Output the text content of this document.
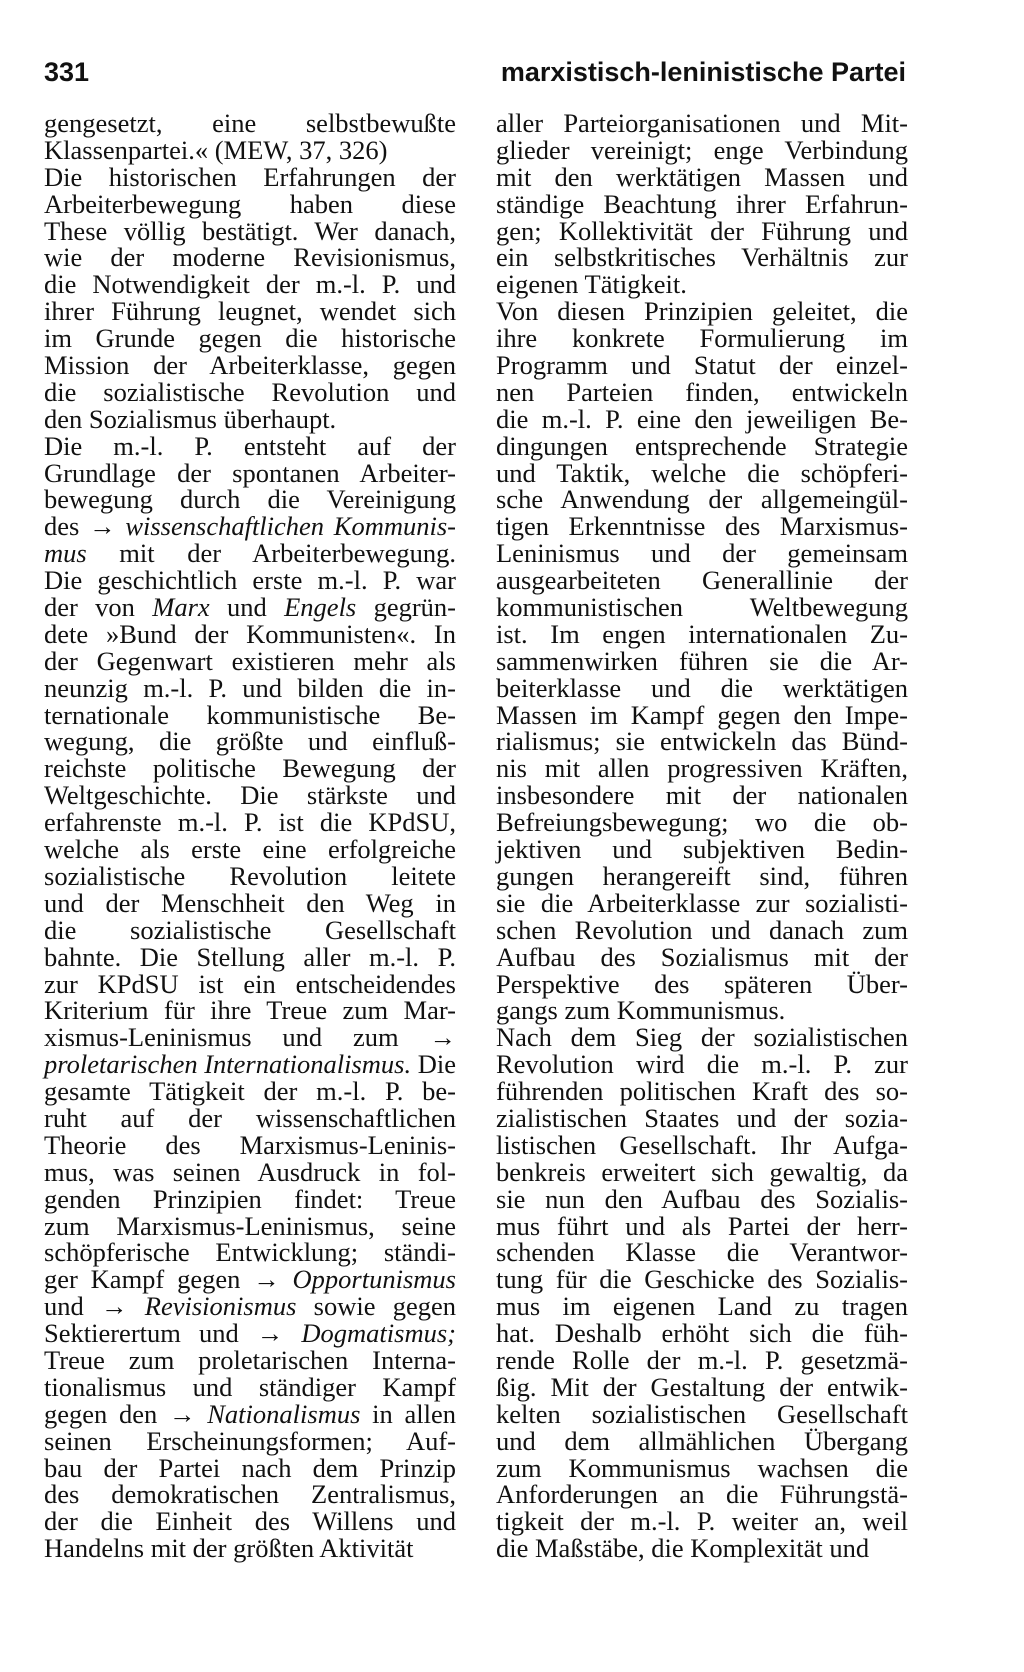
331	marxistisch-leninistische Partei
gengesetzt, eine selbstbewußte
Klassenpartei.« (MEW, 37, 326)
Die historischen Erfahrungen der
Arbeiterbewegung haben diese
These völlig bestätigt. Wer danach,
wie der moderne Revisionismus,
die Notwendigkeit der m.-l. P. und
ihrer Führung leugnet, wendet sich
im Grunde gegen die historische
Mission der Arbeiterklasse, gegen
die sozialistische Revolution und
den Sozialismus überhaupt.
Die m.-l. P. entsteht auf der
Grundlage der spontanen Arbeiter-
bewegung durch die Vereinigung
des → wissenschaftlichen Kommunis-
mus mit der Arbeiterbewegung.
Die geschichtlich erste m.-l. P. war
der von Marx und Engels gegrün-
dete »Bund der Kommunisten«. In
der Gegenwart existieren mehr als
neunzig m.-l. P. und bilden die in-
ternationale kommunistische Be-
wegung, die größte und einfluß-
reichste politische Bewegung der
Weltgeschichte. Die stärkste und
erfahrenste m.-l. P. ist die KPdSU,
welche als erste eine erfolgreiche
sozialistische Revolution leitete
und der Menschheit den Weg in
die sozialistische Gesellschaft
bahnte. Die Stellung aller m.-l. P.
zur KPdSU ist ein entscheidendes
Kriterium für ihre Treue zum Mar-
xismus-Leninismus und zum →
proletarischen Internationalismus. Die
gesamte Tätigkeit der m.-l. P. be-
ruht auf der wissenschaftlichen
Theorie des Marxismus-Leninis-
mus, was seinen Ausdruck in fol-
genden Prinzipien findet: Treue
zum Marxismus-Leninismus, seine
schöpferische Entwicklung; ständi-
ger Kampf gegen → Opportunismus
und → Revisionismus sowie gegen
Sektierertum und → Dogmatismus;
Treue zum proletarischen Interna-
tionalismus und ständiger Kampf
gegen den → Nationalismus in allen
seinen Erscheinungsformen; Auf-
bau der Partei nach dem Prinzip
des demokratischen Zentralismus,
der die Einheit des Willens und
Handelns mit der größten Aktivität
aller Parteiorganisationen und Mit-
glieder vereinigt; enge Verbindung
mit den werktätigen Massen und
ständige Beachtung ihrer Erfahrun-
gen; Kollektivität der Führung und
ein selbstkritisches Verhältnis zur
eigenen Tätigkeit.
Von diesen Prinzipien geleitet, die
ihre konkrete Formulierung im
Programm und Statut der einzel-
nen Parteien finden, entwickeln
die m.-l. P. eine den jeweiligen Be-
dingungen entsprechende Strategie
und Taktik, welche die schöpferi-
sche Anwendung der allgemeingül-
tigen Erkenntnisse des Marxismus-
Leninismus und der gemeinsam
ausgearbeiteten Generallinie der
kommunistischen Weltbewegung
ist. Im engen internationalen Zu-
sammenwirken führen sie die Ar-
beiterklasse und die werktätigen
Massen im Kampf gegen den Impe-
rialismus; sie entwickeln das Bünd-
nis mit allen progressiven Kräften,
insbesondere mit der nationalen
Befreiungsbewegung; wo die ob-
jektiven und subjektiven Bedin-
gungen herangereift sind, führen
sie die Arbeiterklasse zur sozialisti-
schen Revolution und danach zum
Aufbau des Sozialismus mit der
Perspektive des späteren Über-
gangs zum Kommunismus.
Nach dem Sieg der sozialistischen
Revolution wird die m.-l. P. zur
führenden politischen Kraft des so-
zialistischen Staates und der sozia-
listischen Gesellschaft. Ihr Aufga-
benkreis erweitert sich gewaltig, da
sie nun den Aufbau des Sozialis-
mus führt und als Partei der herr-
schenden Klasse die Verantwor-
tung für die Geschicke des Sozialis-
mus im eigenen Land zu tragen
hat. Deshalb erhöht sich die füh-
rende Rolle der m.-l. P. gesetzmä-
ßig. Mit der Gestaltung der entwik-
kelten sozialistischen Gesellschaft
und dem allmählichen Übergang
zum Kommunismus wachsen die
Anforderungen an die Führungstä-
tigkeit der m.-l. P. weiter an, weil
die Maßstäbe, die Komplexität und
